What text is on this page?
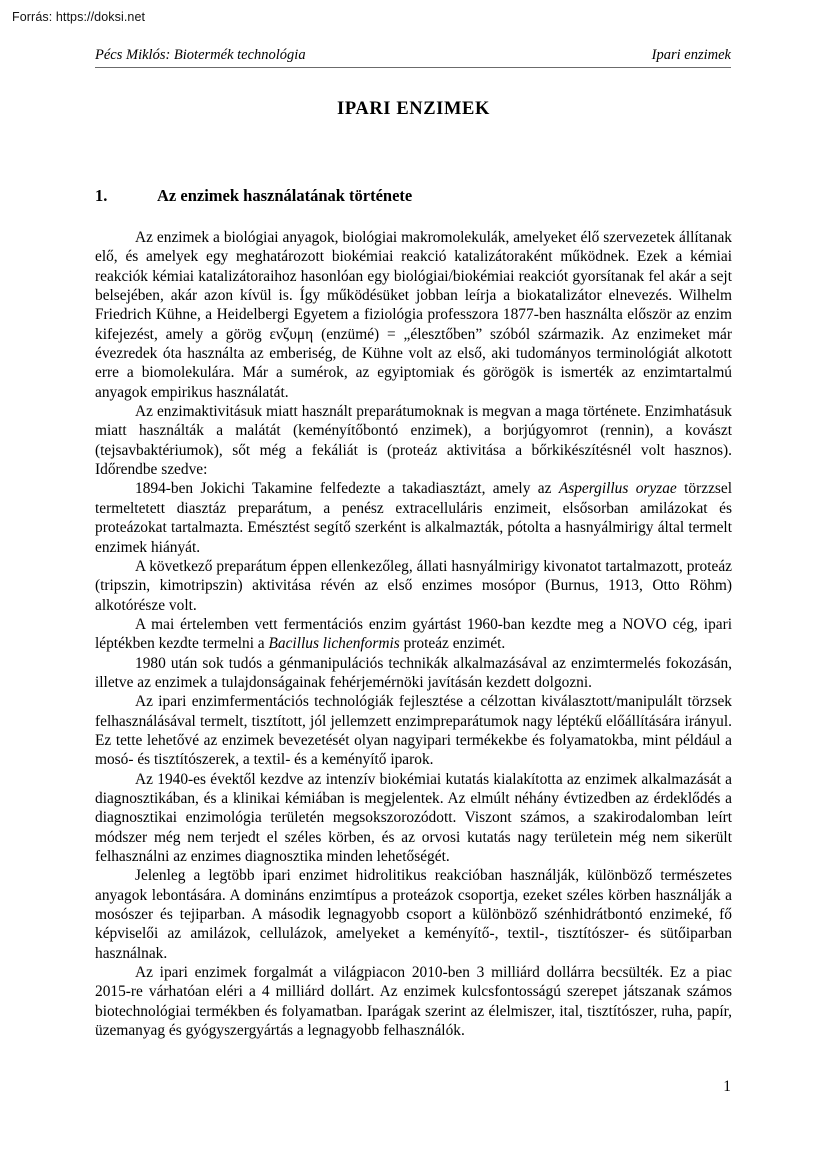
Forrás: https://doksi.net
Pécs Miklós: Biotermék technológia	Ipari enzimek
IPARI ENZIMEK
1.	Az enzimek használatának története

Az enzimek a biológiai anyagok, biológiai makromolekulák, amelyeket élő szervezetek állítanak elő, és amelyek egy meghatározott biokémiai reakció katalizátoraként működnek. Ezek a kémiai reakciók kémiai katalizátoraihoz hasonlóan egy biológiai/biokémiai reakciót gyorsítanak fel akár a sejt belsejében, akár azon kívül is. Így működésüket jobban leírja a biokatalizátor elnevezés. Wilhelm Friedrich Kühne, a Heidelbergi Egyetem a fiziológia professzora 1877-ben használta először az enzim kifejezést, amely a görög ενζυμη (enzümé) = „élesztőben” szóból származik. Az enzimeket már évezredek óta használta az emberiség, de Kühne volt az első, aki tudományos terminológiát alkotott erre a biomolekulára. Már a sumérok, az egyiptomiak és görögök is ismerték az enzimtartalmú anyagok empirikus használatát.

Az enzimaktivitásuk miatt használt preparátumoknak is megvan a maga története. Enzimhatásuk miatt használták a malátát (keményítőbontó enzimek), a borjúgyomrot (rennin), a kovászt (tejsavbaktériumok), sőt még a fekáliát is (proteáz aktivitása a bőrkikészítésnél volt hasznos). Időrendbe szedve:

1894-ben Jokichi Takamine felfedezte a takadiasztázt, amely az Aspergillus oryzae törzzsel termeltetett diasztáz preparátum, a penész extracelluláris enzimeit, elsősorban amilázokat és proteázokat tartalmazta. Emésztést segítő szerként is alkalmazták, pótolta a hasnyálmirigy által termelt enzimek hiányát.

A következő preparátum éppen ellenkezőleg, állati hasnyálmirigy kivonatot tartalmazott, proteáz (tripszin, kimotripszin) aktivitása révén az első enzimes mosópor (Burnus, 1913, Otto Röhm) alkotórésze volt.

A mai értelemben vett fermentációs enzim gyártást 1960-ban kezdte meg a NOVO cég, ipari léptékben kezdte termelni a Bacillus lichenformis proteáz enzimét.

1980 után sok tudós a génmanipulációs technikák alkalmazásával az enzimtermelés fokozásán, illetve az enzimek a tulajdonságainak fehérjemérnöki javításán kezdett dolgozni.

Az ipari enzimfermentációs technológiák fejlesztése a célzottan kiválasztott/manipulált törzsek felhasználásával termelt, tisztított, jól jellemzett enzimpreparátumok nagy léptékű előállítására irányul. Ez tette lehetővé az enzimek bevezetését olyan nagyipari termékekbe és folyamatokba, mint például a mosó- és tisztítószerek, a textil- és a keményítő iparok.

Az 1940-es évektől kezdve az intenzív biokémiai kutatás kialakította az enzimek alkalmazását a diagnosztikában, és a klinikai kémiában is megjelentek. Az elmúlt néhány évtizedben az érdeklődés a diagnosztikai enzimológia területén megsokszorozódott. Viszont számos, a szakirodalomban leírt módszer még nem terjedt el széles körben, és az orvosi kutatás nagy területein még nem sikerült felhasználni az enzimes diagnosztika minden lehetőségét.

Jelenleg a legtöbb ipari enzimet hidrolitikus reakcióban használják, különböző természetes anyagok lebontására. A domináns enzimtípus a proteázok csoportja, ezeket széles körben használják a mosószer és tejiparban. A második legnagyobb csoport a különböző szénhidrátbontó enzimeké, fő képviselői az amilázok, cellulázok, amelyeket a keményítő-, textil-, tisztítószer- és sütőiparban használnak.

Az ipari enzimek forgalmát a világpiacon 2010-ben 3 milliárd dollárra becsülték. Ez a piac 2015-re várhatóan eléri a 4 milliárd dollárt. Az enzimek kulcsfontosságú szerepet játszanak számos biotechnológiai termékben és folyamatban. Iparágak szerint az élelmiszer, ital, tisztítószer, ruha, papír, üzemanyag és gyógyszergyártás a legnagyobb felhasználók.

1
